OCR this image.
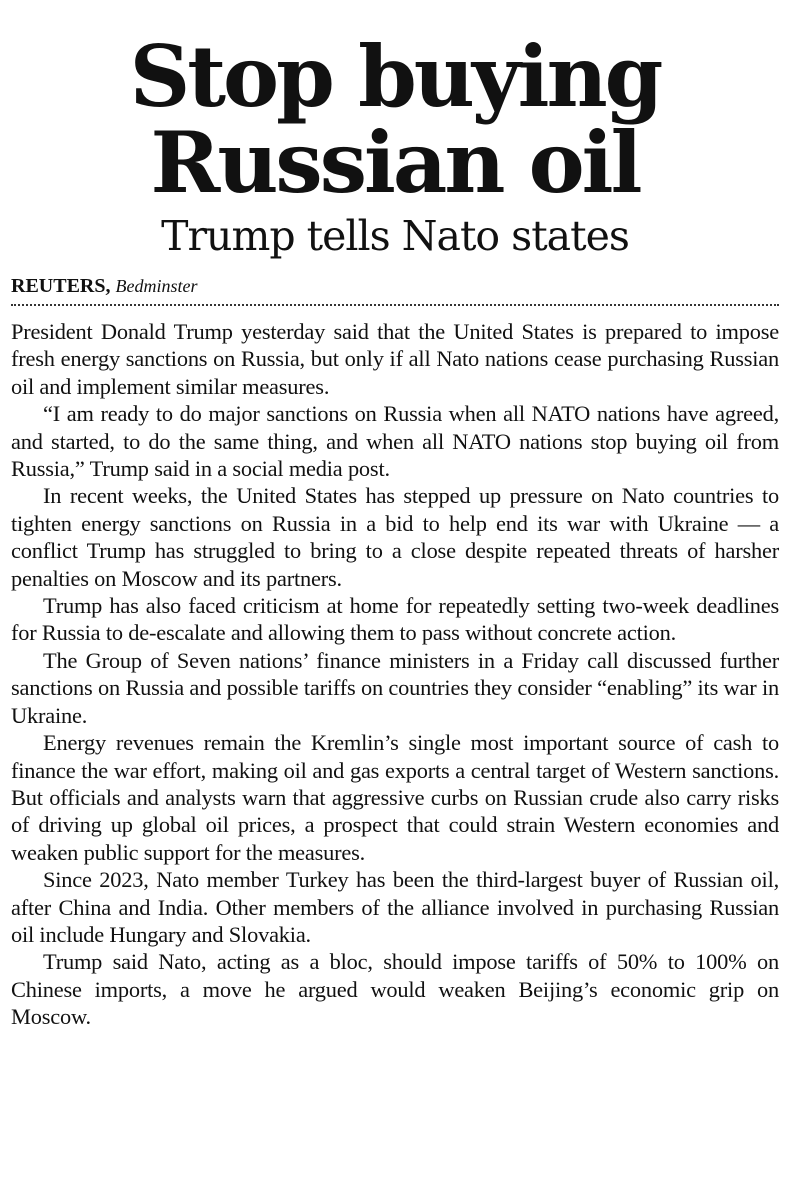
Stop buying
Russian oil
Trump tells Nato states
REUTERS, Bedminster

President Donald Trump yesterday said that the United States is prepared to impose fresh energy sanctions on Russia, but only if all Nato nations cease purchasing Russian oil and implement similar measures.

“I am ready to do major sanctions on Russia when all NATO nations have agreed, and started, to do the same thing, and when all NATO nations stop buying oil from Russia,” Trump said in a social media post.

In recent weeks, the United States has stepped up pressure on Nato countries to tighten energy sanctions on Russia in a bid to help end its war with Ukraine — a conflict Trump has struggled to bring to a close despite repeated threats of harsher penalties on Moscow and its partners.

Trump has also faced criticism at home for repeatedly setting two-week deadlines for Russia to de-escalate and allowing them to pass without concrete action.

The Group of Seven nations’ finance ministers in a Friday call discussed further sanctions on Russia and possible tariffs on countries they consider “enabling” its war in Ukraine.

Energy revenues remain the Kremlin’s single most important source of cash to finance the war effort, making oil and gas exports a central target of Western sanctions. But officials and analysts warn that aggressive curbs on Russian crude also carry risks of driving up global oil prices, a prospect that could strain Western economies and weaken public support for the measures.

Since 2023, Nato member Turkey has been the third-largest buyer of Russian oil, after China and India. Other members of the alliance involved in purchasing Russian oil include Hungary and Slovakia.

Trump said Nato, acting as a bloc, should impose tariffs of 50% to 100% on Chinese imports, a move he argued would weaken Beijing’s economic grip on Moscow.
